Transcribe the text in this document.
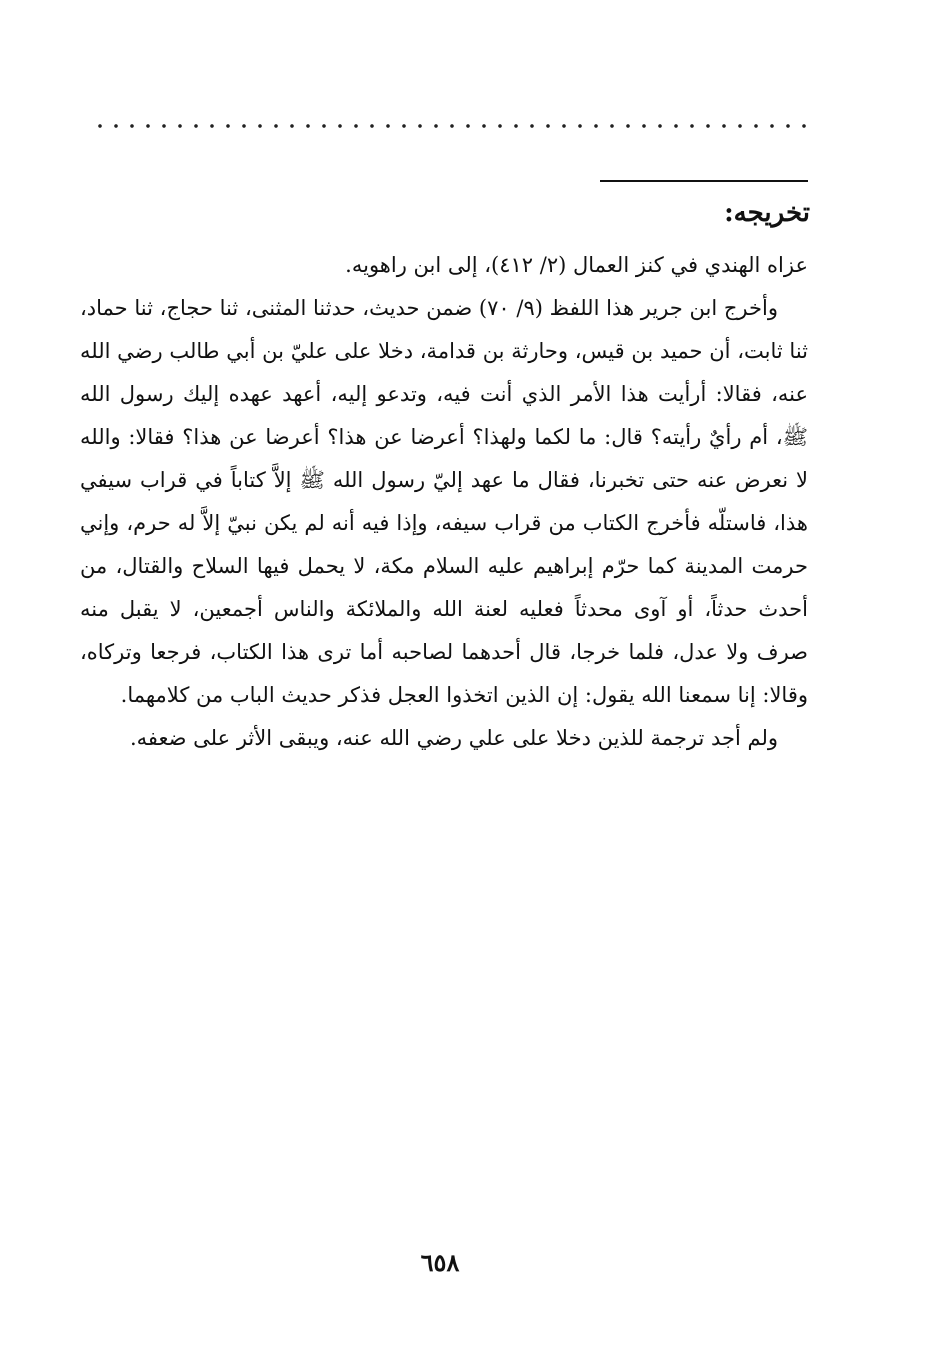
تخريجه:

عزاه الهندي في كنز العمال (٢/ ٤١٢)، إلى ابن راهويه.

وأخرج ابن جرير هذا اللفظ (٩/ ٧٠) ضمن حديث، حدثنا المثنى، ثنا حجاج، ثنا حماد، ثنا ثابت، أن حميد بن قيس، وحارثة بن قدامة، دخلا على عليّ بن أبي طالب رضي الله عنه، فقالا: أرأيت هذا الأمر الذي أنت فيه، وتدعو إليه، أعهد عهده إليك رسول الله ﷺ، أم رأيٌ رأيته؟ قال: ما لكما ولهذا؟ أعرضا عن هذا؟ أعرضا عن هذا؟ فقالا: والله لا نعرض عنه حتى تخبرنا، فقال ما عهد إليّ رسول الله ﷺ إلاَّ كتاباً في قراب سيفي هذا، فاستلّه فأخرج الكتاب من قراب سيفه، وإذا فيه أنه لم يكن نبيّ إلاَّ له حرم، وإني حرمت المدينة كما حرّم إبراهيم عليه السلام مكة، لا يحمل فيها السلاح والقتال، من أحدث حدثاً، أو آوى محدثاً فعليه لعنة الله والملائكة والناس أجمعين، لا يقبل منه صرف ولا عدل، فلما خرجا، قال أحدهما لصاحبه أما ترى هذا الكتاب، فرجعا وتركاه، وقالا: إنا سمعنا الله يقول: إن الذين اتخذوا العجل فذكر حديث الباب من كلامهما.

ولم أجد ترجمة للذين دخلا على علي رضي الله عنه، ويبقى الأثر على ضعفه.

٦٥٨
